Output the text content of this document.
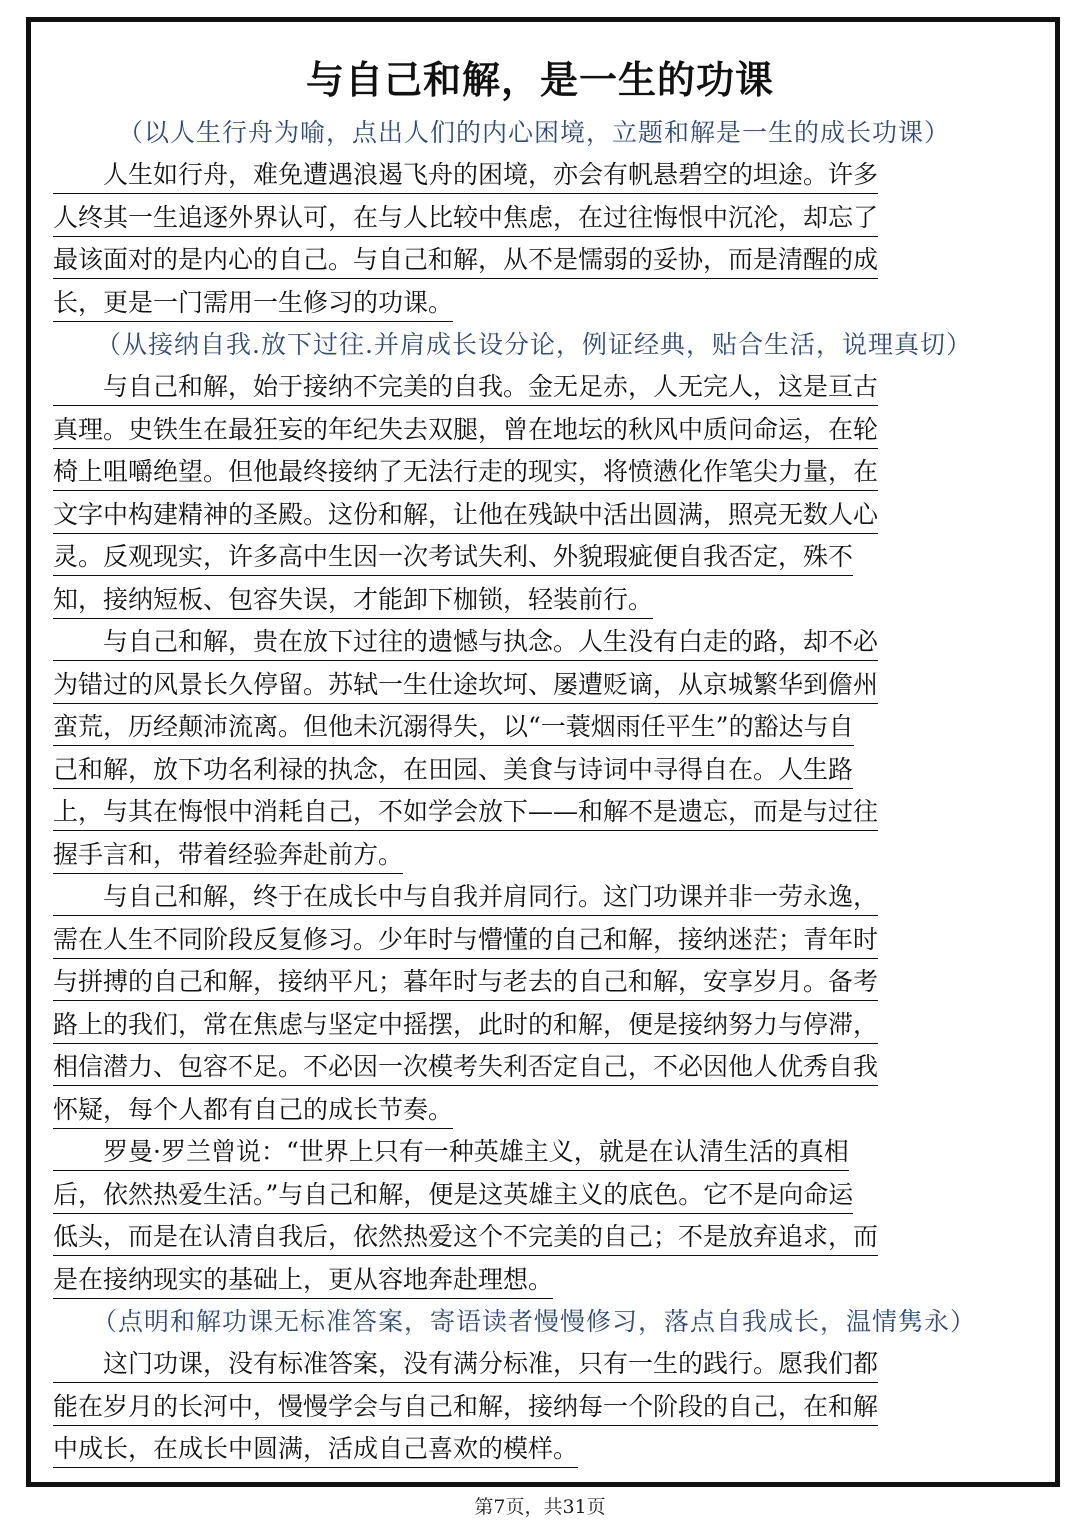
与自己和解，是一生的功课
（以人生行舟为喻，点出人们的内心困境，立题和解是一生的成长功课）
人生如行舟，难免遭遇浪遏飞舟的困境，亦会有帆悬碧空的坦途。许多
人终其一生追逐外界认可，在与人比较中焦虑，在过往悔恨中沉沦，却忘了
最该面对的是内心的自己。与自己和解，从不是懦弱的妥协，而是清醒的成
长，更是一门需用一生修习的功课。
（从接纳自我.放下过往.并肩成长设分论，例证经典，贴合生活，说理真切）
与自己和解，始于接纳不完美的自我。金无足赤，人无完人，这是亘古
真理。史铁生在最狂妄的年纪失去双腿，曾在地坛的秋风中质问命运，在轮
椅上咀嚼绝望。但他最终接纳了无法行走的现实，将愤懑化作笔尖力量，在
文字中构建精神的圣殿。这份和解，让他在残缺中活出圆满，照亮无数人心
灵。反观现实，许多高中生因一次考试失利、外貌瑕疵便自我否定，殊不
知，接纳短板、包容失误，才能卸下枷锁，轻装前行。
与自己和解，贵在放下过往的遗憾与执念。人生没有白走的路，却不必
为错过的风景长久停留。苏轼一生仕途坎坷、屡遭贬谪，从京城繁华到儋州
蛮荒，历经颠沛流离。但他未沉溺得失，以“一蓑烟雨任平生”的豁达与自
己和解，放下功名利禄的执念，在田园、美食与诗词中寻得自在。人生路
上，与其在悔恨中消耗自己，不如学会放下——和解不是遗忘，而是与过往
握手言和，带着经验奔赴前方。
与自己和解，终于在成长中与自我并肩同行。这门功课并非一劳永逸，
需在人生不同阶段反复修习。少年时与懵懂的自己和解，接纳迷茫；青年时
与拼搏的自己和解，接纳平凡；暮年时与老去的自己和解，安享岁月。备考
路上的我们，常在焦虑与坚定中摇摆，此时的和解，便是接纳努力与停滞，
相信潜力、包容不足。不必因一次模考失利否定自己，不必因他人优秀自我
怀疑，每个人都有自己的成长节奏。
罗曼·罗兰曾说：“世界上只有一种英雄主义，就是在认清生活的真相
后，依然热爱生活。”与自己和解，便是这英雄主义的底色。它不是向命运
低头，而是在认清自我后，依然热爱这个不完美的自己；不是放弃追求，而
是在接纳现实的基础上，更从容地奔赴理想。
（点明和解功课无标准答案，寄语读者慢慢修习，落点自我成长，温情隽永）
这门功课，没有标准答案，没有满分标准，只有一生的践行。愿我们都
能在岁月的长河中，慢慢学会与自己和解，接纳每一个阶段的自己，在和解
中成长，在成长中圆满，活成自己喜欢的模样。
第7页，共31页
